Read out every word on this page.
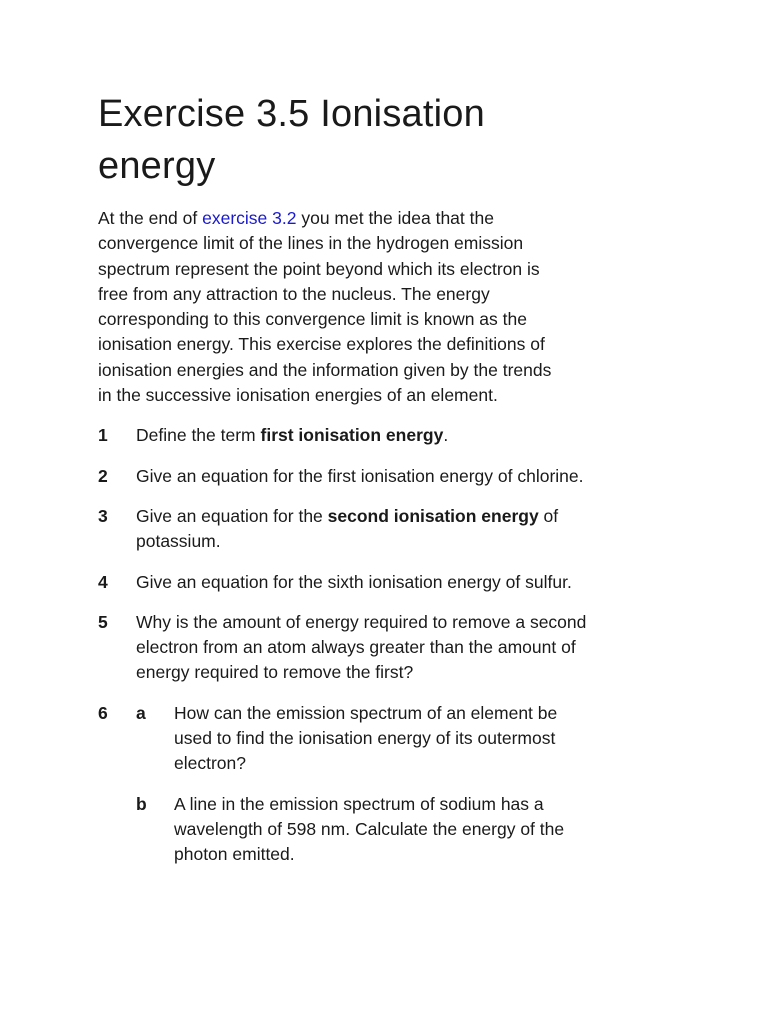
Exercise 3.5 Ionisation energy

At the end of exercise 3.2 you met the idea that the convergence limit of the lines in the hydrogen emission spectrum represent the point beyond which its electron is free from any attraction to the nucleus. The energy corresponding to this convergence limit is known as the ionisation energy. This exercise explores the definitions of ionisation energies and the information given by the trends in the successive ionisation energies of an element.

1	Define the term first ionisation energy.
2	Give an equation for the first ionisation energy of chlorine.
3	Give an equation for the second ionisation energy of potassium.
4	Give an equation for the sixth ionisation energy of sulfur.
5	Why is the amount of energy required to remove a second electron from an atom always greater than the amount of energy required to remove the first?
6	a	How can the emission spectrum of an element be used to find the ionisation energy of its outermost electron?
b	A line in the emission spectrum of sodium has a wavelength of 598 nm. Calculate the energy of the photon emitted.
